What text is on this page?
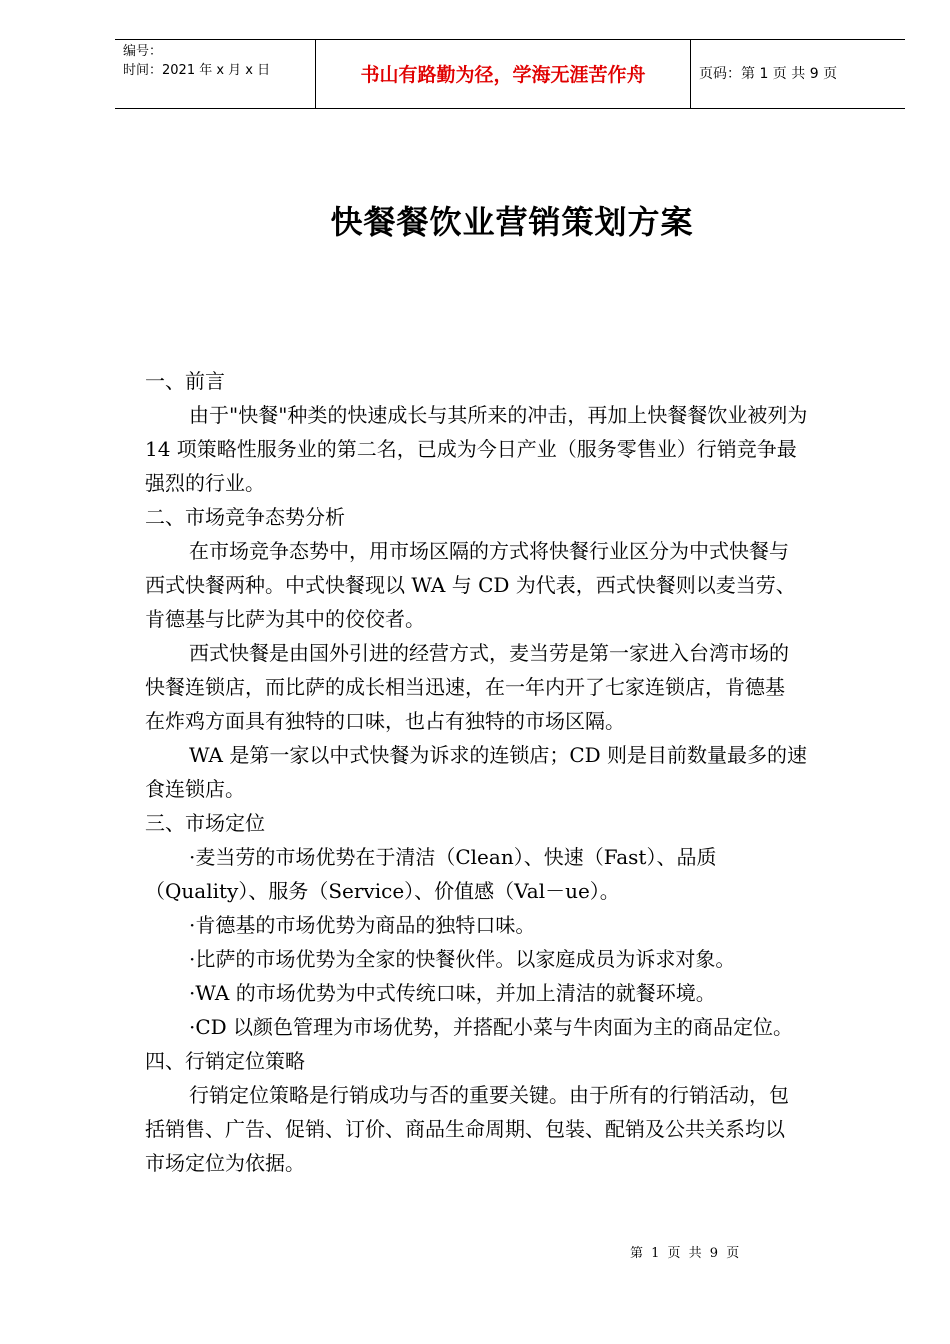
编号：
时间：2021 年 x 月 x 日	书山有路勤为径，学海无涯苦作舟	页码：第 1 页 共 9 页
快餐餐饮业营销策划方案
一、前言
由于"快餐"种类的快速成长与其所来的冲击，再加上快餐餐饮业被列为
14 项策略性服务业的第二名，已成为今日产业（服务零售业）行销竞争最
强烈的行业。
二、市场竞争态势分析
在市场竞争态势中，用市场区隔的方式将快餐行业区分为中式快餐与
西式快餐两种。中式快餐现以 WA 与 CD 为代表，西式快餐则以麦当劳、
肯德基与比萨为其中的佼佼者。
西式快餐是由国外引进的经营方式，麦当劳是第一家进入台湾市场的
快餐连锁店，而比萨的成长相当迅速，在一年内开了七家连锁店，肯德基
在炸鸡方面具有独特的口味，也占有独特的市场区隔。
WA 是第一家以中式快餐为诉求的连锁店；CD 则是目前数量最多的速
食连锁店。
三、市场定位
·麦当劳的市场优势在于清洁（Clean）、快速（Fast）、品质
（Quality）、服务（Service）、价值感（Val－ue）。
·肯德基的市场优势为商品的独特口味。
·比萨的市场优势为全家的快餐伙伴。以家庭成员为诉求对象。
·WA 的市场优势为中式传统口味，并加上清洁的就餐环境。
·CD 以颜色管理为市场优势，并搭配小菜与牛肉面为主的商品定位。
四、行销定位策略
行销定位策略是行销成功与否的重要关键。由于所有的行销活动，包
括销售、广告、促销、订价、商品生命周期、包装、配销及公共关系均以
市场定位为依据。
第 1 页 共 9 页
